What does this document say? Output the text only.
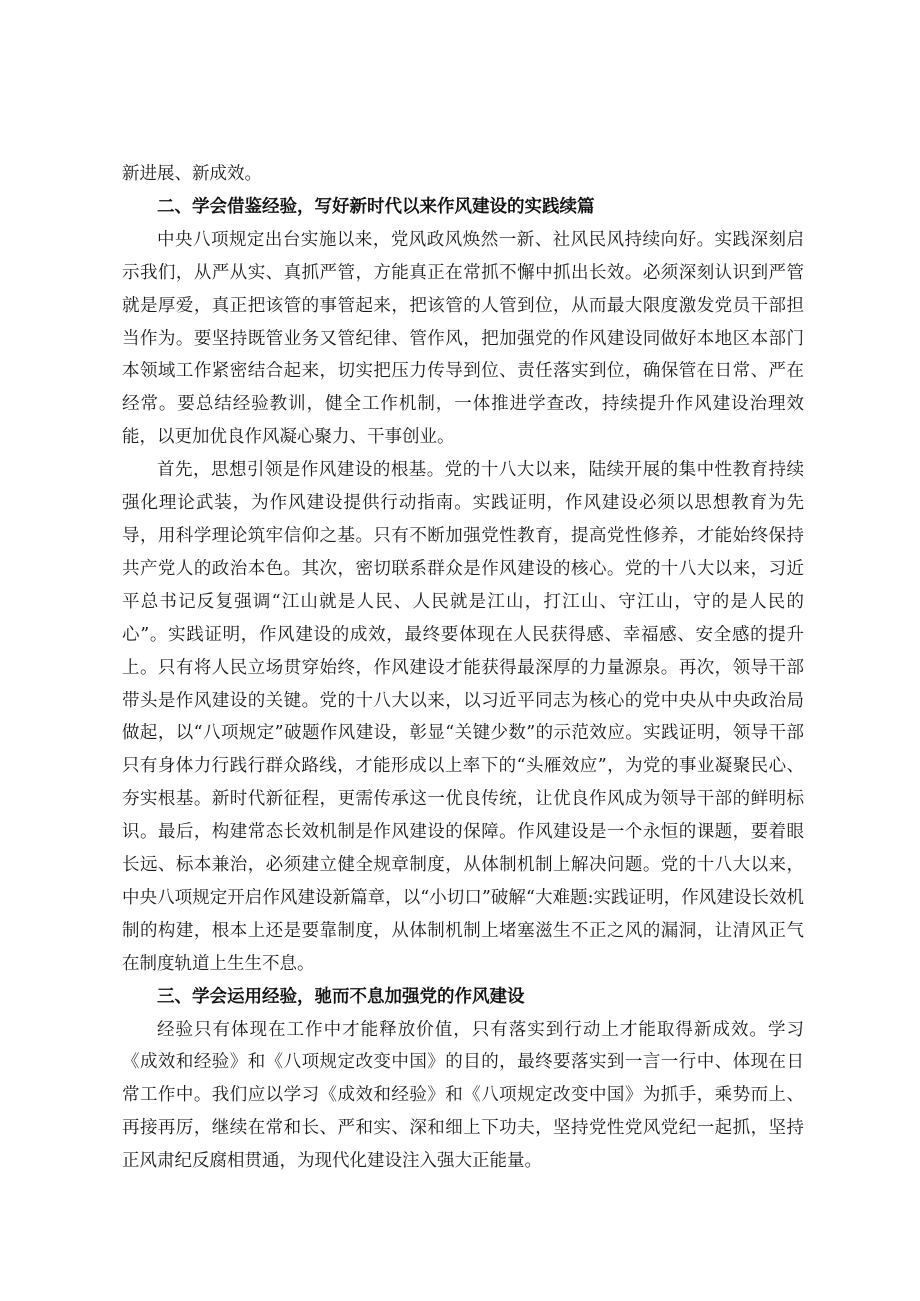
新进展、新成效。

二、学会借鉴经验，写好新时代以来作风建设的实践续篇

中央八项规定出台实施以来，党风政风焕然一新、社风民风持续向好。实践深刻启示我们，从严从实、真抓严管，方能真正在常抓不懈中抓出长效。必须深刻认识到严管就是厚爱，真正把该管的事管起来，把该管的人管到位，从而最大限度激发党员干部担当作为。要坚持既管业务又管纪律、管作风，把加强党的作风建设同做好本地区本部门本领域工作紧密结合起来，切实把压力传导到位、责任落实到位，确保管在日常、严在经常。要总结经验教训，健全工作机制，一体推进学查改，持续提升作风建设治理效能，以更加优良作风凝心聚力、干事创业。

首先，思想引领是作风建设的根基。党的十八大以来，陆续开展的集中性教育持续强化理论武装，为作风建设提供行动指南。实践证明，作风建设必须以思想教育为先导，用科学理论筑牢信仰之基。只有不断加强党性教育，提高党性修养，才能始终保持共产党人的政治本色。其次，密切联系群众是作风建设的核心。党的十八大以来，习近平总书记反复强调“江山就是人民、人民就是江山，打江山、守江山，守的是人民的心”。实践证明，作风建设的成效，最终要体现在人民获得感、幸福感、安全感的提升上。只有将人民立场贯穿始终，作风建设才能获得最深厚的力量源泉。再次，领导干部带头是作风建设的关键。党的十八大以来，以习近平同志为核心的党中央从中央政治局做起，以“八项规定”破题作风建设，彰显“关键少数”的示范效应。实践证明，领导干部只有身体力行践行群众路线，才能形成以上率下的“头雁效应”，为党的事业凝聚民心、夯实根基。新时代新征程，更需传承这一优良传统，让优良作风成为领导干部的鲜明标识。最后，构建常态长效机制是作风建设的保障。作风建设是一个永恒的课题，要着眼长远、标本兼治，必须建立健全规章制度，从体制机制上解决问题。党的十八大以来，中央八项规定开启作风建设新篇章，以“小切口”破解“大难题:实践证明，作风建设长效机制的构建，根本上还是要靠制度，从体制机制上堵塞滋生不正之风的漏洞，让清风正气在制度轨道上生生不息。

三、学会运用经验，驰而不息加强党的作风建设

经验只有体现在工作中才能释放价值，只有落实到行动上才能取得新成效。学习《成效和经验》和《八项规定改变中国》的目的，最终要落实到一言一行中、体现在日常工作中。我们应以学习《成效和经验》和《八项规定改变中国》为抓手，乘势而上、再接再厉，继续在常和长、严和实、深和细上下功夫，坚持党性党风党纪一起抓，坚持正风肃纪反腐相贯通，为现代化建设注入强大正能量。
